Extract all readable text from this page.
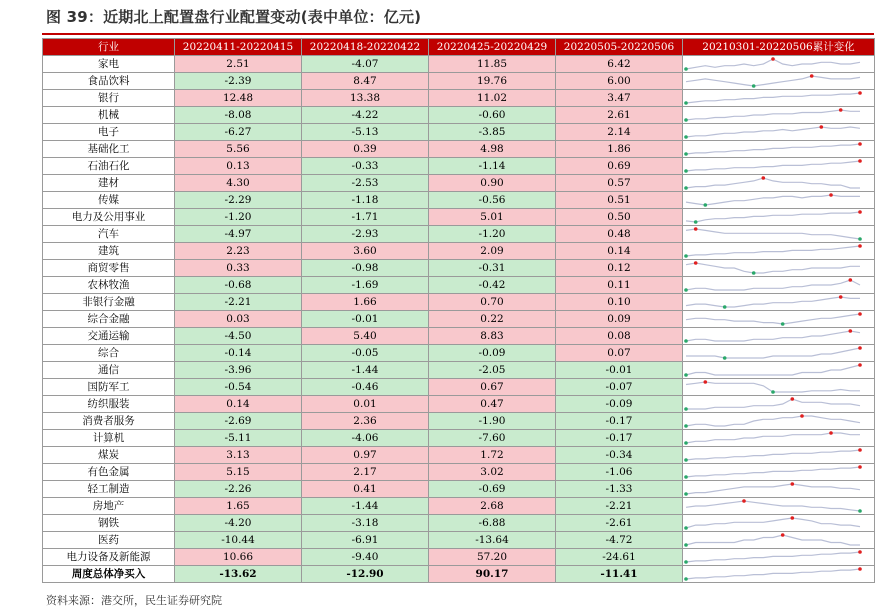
图 39：近期北上配置盘行业配置变动(表中单位：亿元)
行业	20220411-20220415	20220418-20220422	20220425-20220429	20220505-20220506	20210301-20220506累计变化
家电	2.51	-4.07	11.85	6.42	

食品饮料	-2.39	8.47	19.76	6.00	

银行	12.48	13.38	11.02	3.47	

机械	-8.08	-4.22	-0.60	2.61	

电子	-6.27	-5.13	-3.85	2.14	

基础化工	5.56	0.39	4.98	1.86	

石油石化	0.13	-0.33	-1.14	0.69	

建材	4.30	-2.53	0.90	0.57	

传媒	-2.29	-1.18	-0.56	0.51	

电力及公用事业	-1.20	-1.71	5.01	0.50	

汽车	-4.97	-2.93	-1.20	0.48	

建筑	2.23	3.60	2.09	0.14	

商贸零售	0.33	-0.98	-0.31	0.12	

农林牧渔	-0.68	-1.69	-0.42	0.11	

非银行金融	-2.21	1.66	0.70	0.10	

综合金融	0.03	-0.01	0.22	0.09	

交通运输	-4.50	5.40	8.83	0.08	

综合	-0.14	-0.05	-0.09	0.07	

通信	-3.96	-1.44	-2.05	-0.01	

国防军工	-0.54	-0.46	0.67	-0.07	

纺织服装	0.14	0.01	0.47	-0.09	

消费者服务	-2.69	2.36	-1.90	-0.17	

计算机	-5.11	-4.06	-7.60	-0.17	

煤炭	3.13	0.97	1.72	-0.34	

有色金属	5.15	2.17	3.02	-1.06	

轻工制造	-2.26	0.41	-0.69	-1.33	

房地产	1.65	-1.44	2.68	-2.21	

钢铁	-4.20	-3.18	-6.88	-2.61	

医药	-10.44	-6.91	-13.64	-4.72	

电力设备及新能源	10.66	-9.40	57.20	-24.61	

周度总体净买入	-13.62	-12.90	90.17	-11.41	
资料来源：港交所，民生证券研究院
